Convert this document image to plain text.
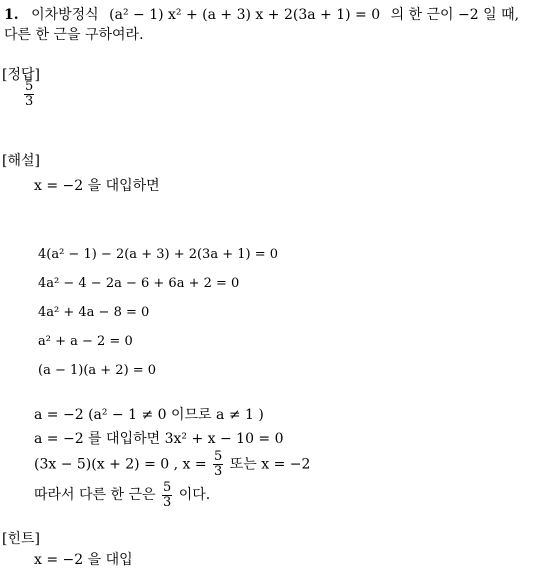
1. 이차방정식 (a² − 1) x² + (a + 3) x + 2(3a + 1) = 0 의 한 근이 −2 일 때,
다른 한 근을 구하여라.
[정답]
$\frac{5}{3}$
[해설]
x = −2 을 대입하면
4(a² − 1) − 2(a + 3) + 2(3a + 1) = 0
4a² − 4 − 2a − 6 + 6a + 2 = 0
4a² + 4a − 8 = 0
a² + a − 2 = 0
(a − 1)(a + 2) = 0
a = −2 (a² − 1 ≠ 0 이므로 a ≠ 1 )
a = −2 를 대입하면 3x² + x − 10 = 0
(3x − 5)(x + 2) = 0 , $x = \frac{5}{3}$ 또는 x = −2
따라서 다른 한 근은 $\frac{5}{3}$ 이다.
[힌트]
x = −2 을 대입
